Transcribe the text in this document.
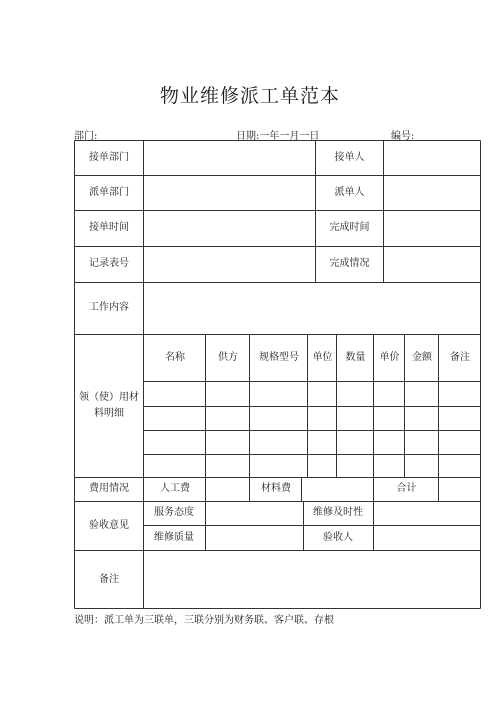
物业维修派工单范本
部门:	日期:一年一月一日	编号:
接单部门	接单人
派单部门	派单人
接单时间	完成时间
记录表号	完成情况
工作内容
领（使）用材料明细
名称	供方	规格型号	单位	数量	单价	金额	备注
费用情况	人工费	材料费	合计
验收意见
服务态度	维修及时性
维修质量	验收人
备注
说明：派工单为三联单，三联分别为财务联、客户联、存根
